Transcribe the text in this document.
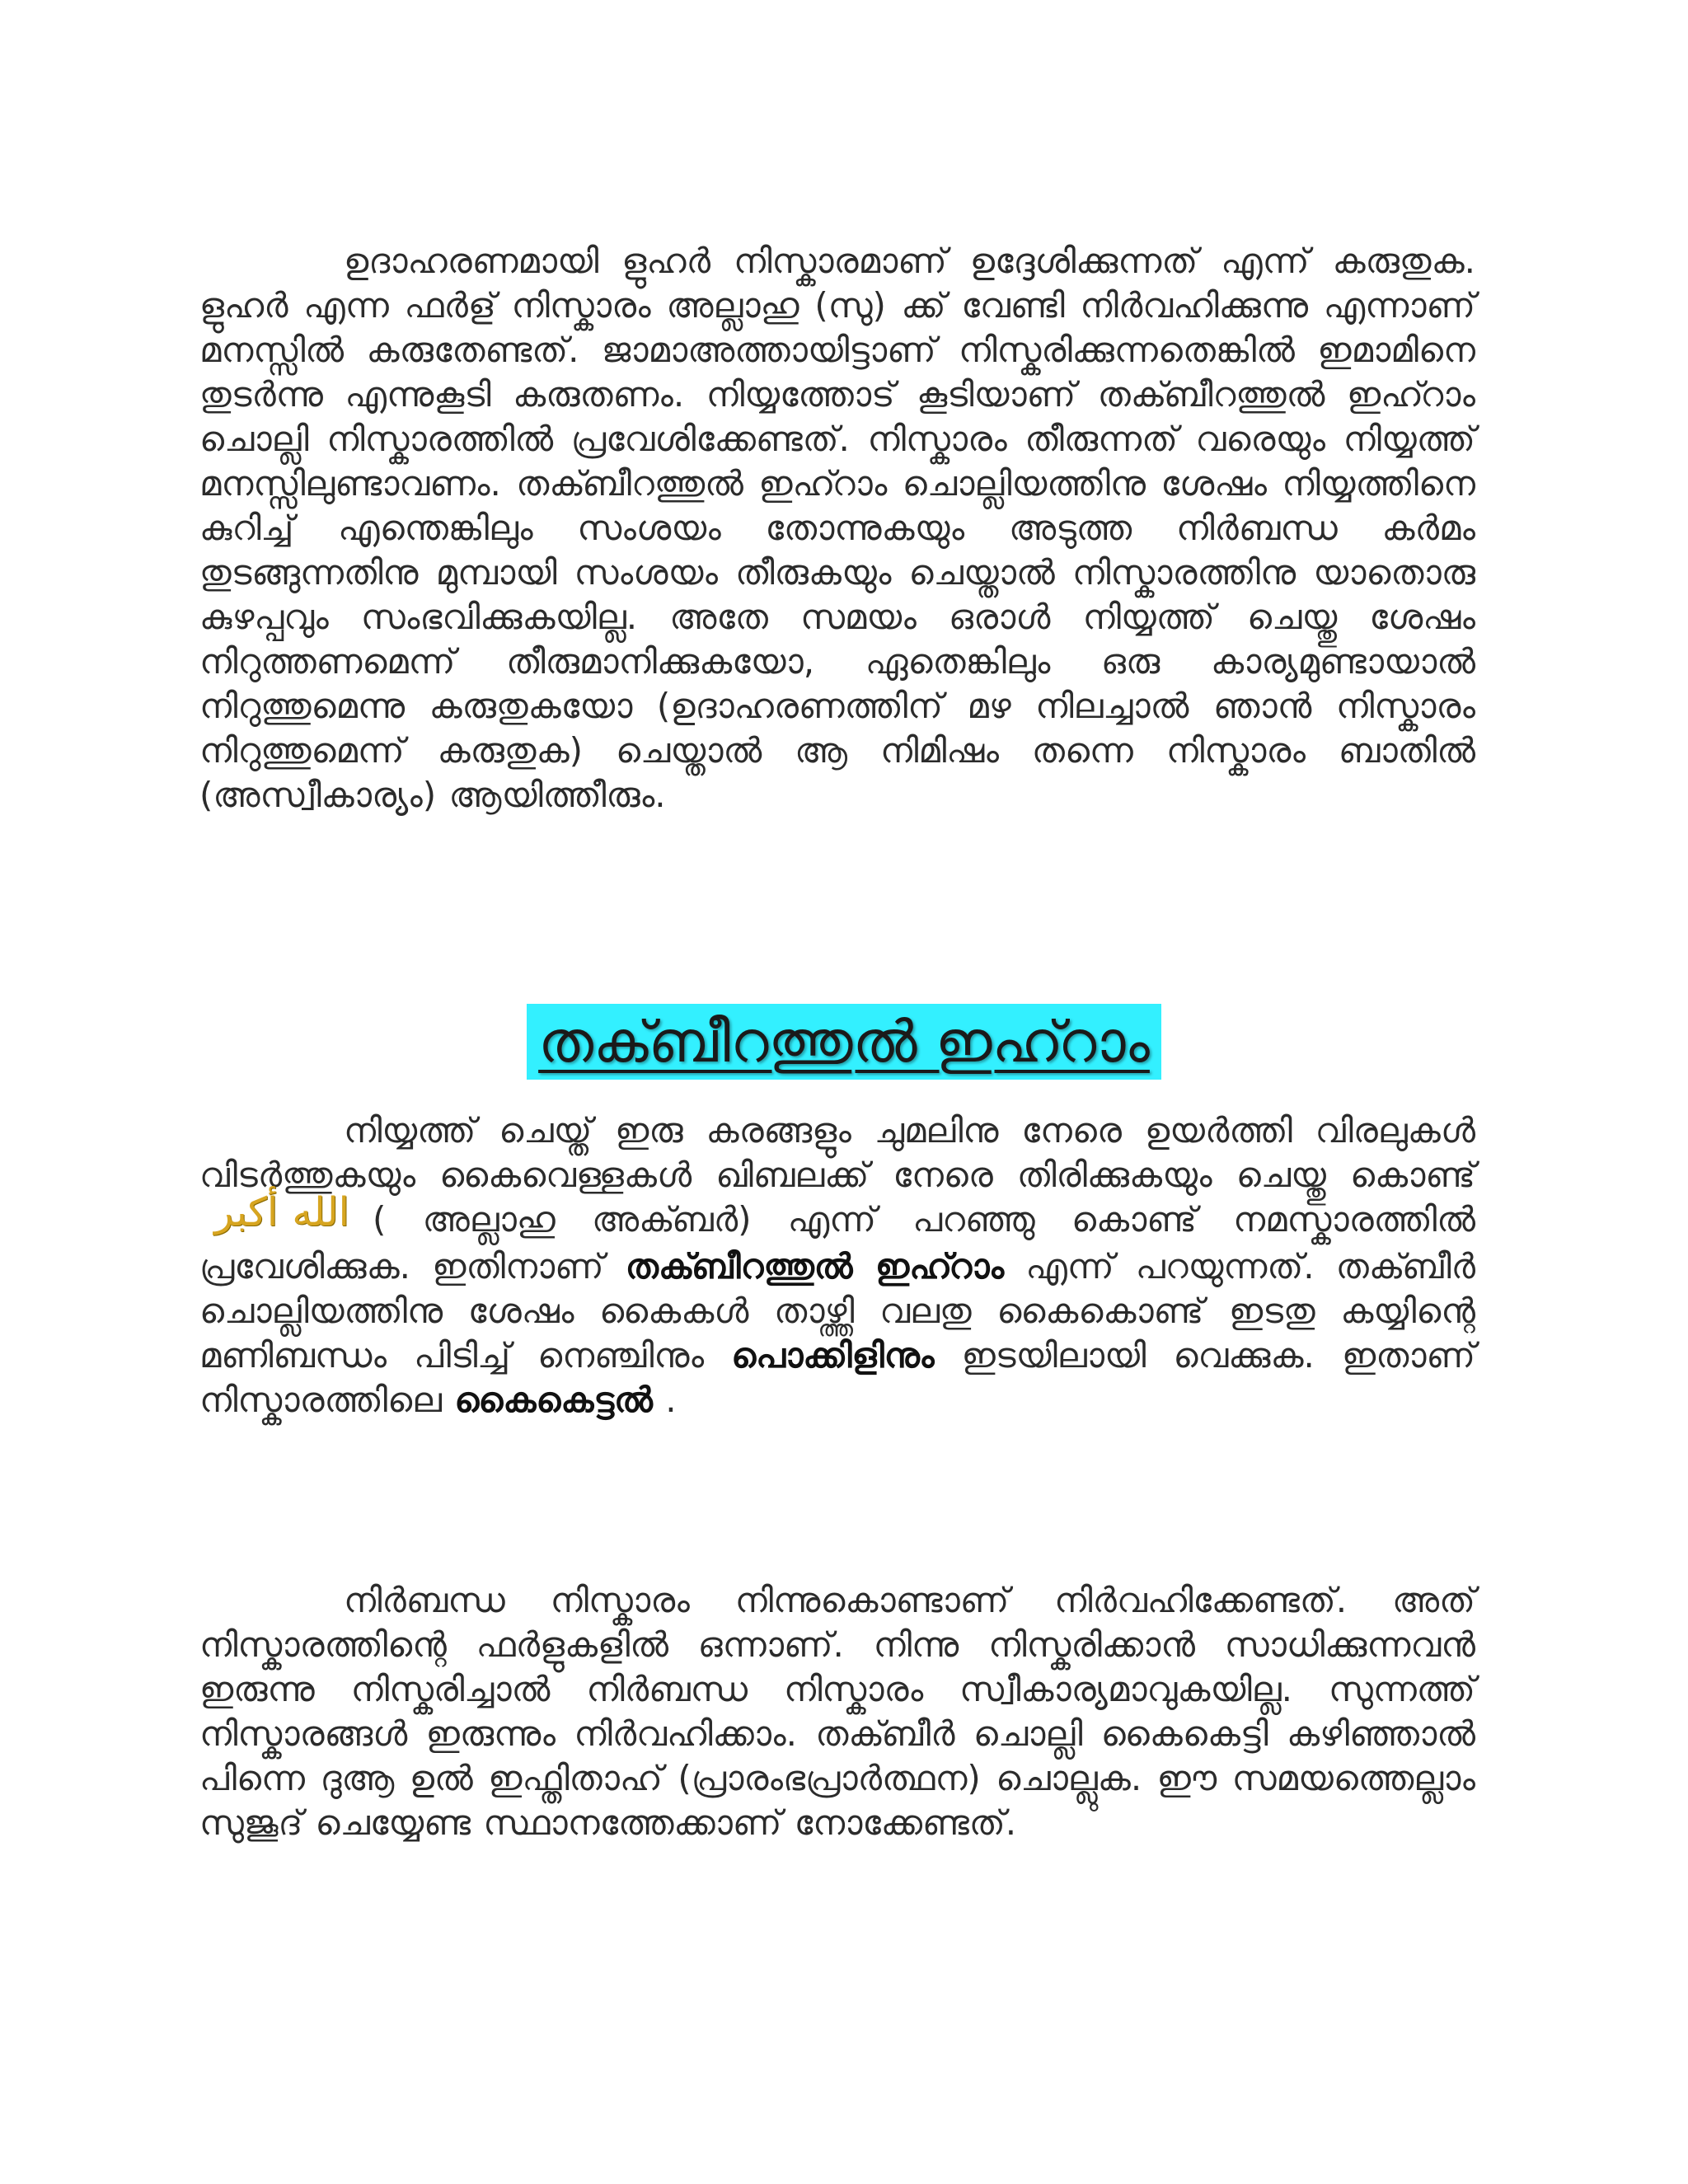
ഉദാഹരണമായി ളുഹർ നിസ്കാരമാണ് ഉദ്ദേശിക്കുന്നത് എന്ന് കരുതുക. ളുഹർ എന്ന ഫർള് നിസ്കാരം അല്ലാഹു (സു) ക്ക് വേണ്ടി നിർവഹിക്കുന്നു എന്നാണ് മനസ്സിൽ കരുതേണ്ടത്. ജാമാഅത്തായിട്ടാണ് നിസ്കരിക്കുന്നതെങ്കിൽ ഇമാമിനെ തുടർന്നു എന്നുകൂടി കരുതണം. നിയ്യത്തോട് കൂടിയാണ് തക്ബീറത്തുൽ ഇഹ്റാം ചൊല്ലി നിസ്കാരത്തിൽ പ്രവേശിക്കേണ്ടത്. നിസ്കാരം തീരുന്നത് വരെയും നിയ്യത്ത് മനസ്സിലുണ്ടാവണം. തക്ബീറത്തുൽ ഇഹ്റാം ചൊല്ലിയത്തിനു ശേഷം നിയ്യത്തിനെ കുറിച്ച് എന്തെങ്കിലും സംശയം തോന്നുകയും അടുത്ത നിർബന്ധ കർമം തുടങ്ങുന്നതിനു മുമ്പായി സംശയം തീരുകയും ചെയ്താൽ നിസ്കാരത്തിനു യാതൊരു കുഴപ്പവും സംഭവിക്കുകയില്ല. അതേ സമയം ഒരാൾ നിയ്യത്ത് ചെയ്തു ശേഷം നിറുത്തണമെന്ന് തീരുമാനിക്കുകയോ, ഏതെങ്കിലും ഒരു കാര്യമുണ്ടായാൽ നിറുത്തുമെന്നു കരുതുകയോ (ഉദാഹരണത്തിന് മഴ നിലച്ചാൽ ഞാൻ നിസ്കാരം നിറുത്തുമെന്ന് കരുതുക) ചെയ്താൽ ആ നിമിഷം തന്നെ നിസ്കാരം ബാതിൽ (അസ്വീകാര്യം) ആയിത്തീരും.

തക്ബീറത്തുൽ ഇഹ്റാം

നിയ്യത്ത് ചെയ്ത് ഇരു കരങ്ങളും ചുമലിനു നേരെ ഉയർത്തി വിരലുകൾ വിടർത്തുകയും കൈവെള്ളകൾ ഖിബലക്ക് നേരെ തിരിക്കുകയും ചെയ്തു കൊണ്ട്الله أكبر ( അല്ലാഹു അക്ബർ) എന്ന് പറഞ്ഞു കൊണ്ട് നമസ്കാരത്തിൽ പ്രവേശിക്കുക. ഇതിനാണ് തക്ബീറത്തുൽ ഇഹ്റാം എന്ന് പറയുന്നത്. തക്ബീർ ചൊല്ലിയത്തിനു ശേഷം കൈകൾ താഴ്ത്തി വലതു കൈകൊണ്ട് ഇടതു കയ്യിന്റെ മണിബന്ധം പിടിച്ച് നെഞ്ചിനും പൊക്കിളിനും ഇടയിലായി വെക്കുക. ഇതാണ് നിസ്കാരത്തിലെ കൈകെട്ടൽ .

നിർബന്ധ നിസ്കാരം നിന്നുകൊണ്ടാണ് നിർവഹിക്കേണ്ടത്. അത് നിസ്കാരത്തിന്റെ ഫർളുകളിൽ ഒന്നാണ്. നിന്നു നിസ്കരിക്കാൻ സാധിക്കുന്നവൻ ഇരുന്നു നിസ്കരിച്ചാൽ നിർബന്ധ നിസ്കാരം സ്വീകാര്യമാവുകയില്ല. സുന്നത്ത് നിസ്കാരങ്ങൾ ഇരുന്നും നിർവഹിക്കാം. തക്ബീർ ചൊല്ലി കൈകെട്ടി കഴിഞ്ഞാൽ പിന്നെ ദുആ ഉൽ ഇഫ്തിതാഹ് (പ്രാരംഭപ്രാർത്ഥന) ചൊല്ലുക. ഈ സമയത്തെല്ലാം സുജൂദ് ചെയ്യേണ്ട സ്ഥാനത്തേക്കാണ് നോക്കേണ്ടത്.
